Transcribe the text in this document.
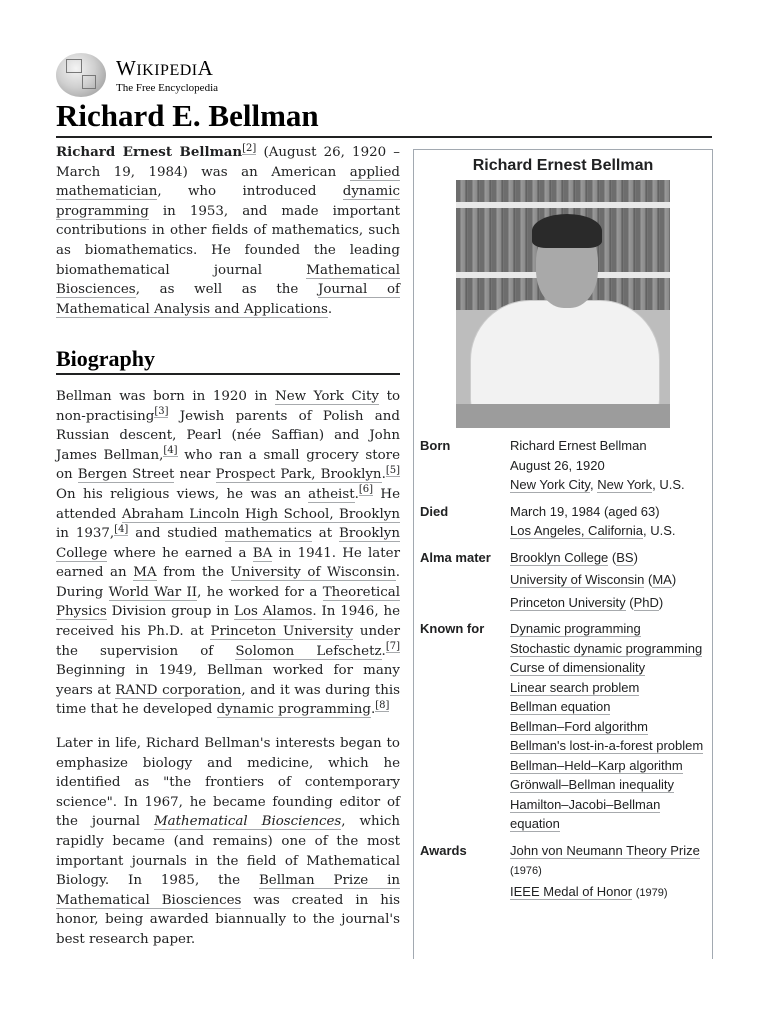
WIKIPEDIA
The Free Encyclopedia
Richard E. Bellman

Richard Ernest Bellman[2] (August 26, 1920 – March 19, 1984) was an American applied mathematician, who introduced dynamic programming in 1953, and made important contributions in other fields of mathematics, such as biomathematics. He founded the leading biomathematical journal Mathematical Biosciences, as well as the Journal of Mathematical Analysis and Applications.

Biography

Bellman was born in 1920 in New York City to non-practising[3] Jewish parents of Polish and Russian descent, Pearl (née Saffian) and John James Bellman,[4] who ran a small grocery store on Bergen Street near Prospect Park, Brooklyn.[5] On his religious views, he was an atheist.[6] He attended Abraham Lincoln High School, Brooklyn in 1937,[4] and studied mathematics at Brooklyn College where he earned a BA in 1941. He later earned an MA from the University of Wisconsin. During World War II, he worked for a Theoretical Physics Division group in Los Alamos. In 1946, he received his Ph.D. at Princeton University under the supervision of Solomon Lefschetz.[7] Beginning in 1949, Bellman worked for many years at RAND corporation, and it was during this time that he developed dynamic programming.[8]

Later in life, Richard Bellman's interests began to emphasize biology and medicine, which he identified as "the frontiers of contemporary science". In 1967, he became founding editor of the journal Mathematical Biosciences, which rapidly became (and remains) one of the most important journals in the field of Mathematical Biology. In 1985, the Bellman Prize in Mathematical Biosciences was created in his honor, being awarded biannually to the journal's best research paper.

Richard Ernest Bellman
Born	Richard Ernest Bellman
August 26, 1920
New York City, New York, U.S.
Died	March 19, 1984 (aged 63)
Los Angeles, California, U.S.
Alma mater	Brooklyn College (BS)
University of Wisconsin (MA)
Princeton University (PhD)
Known for	Dynamic programming
Stochastic dynamic programming
Curse of dimensionality
Linear search problem
Bellman equation
Bellman–Ford algorithm
Bellman's lost-in-a-forest problem
Bellman–Held–Karp algorithm
Grönwall–Bellman inequality
Hamilton–Jacobi–Bellman equation
Awards	John von Neumann Theory Prize (1976)
IEEE Medal of Honor (1979)
